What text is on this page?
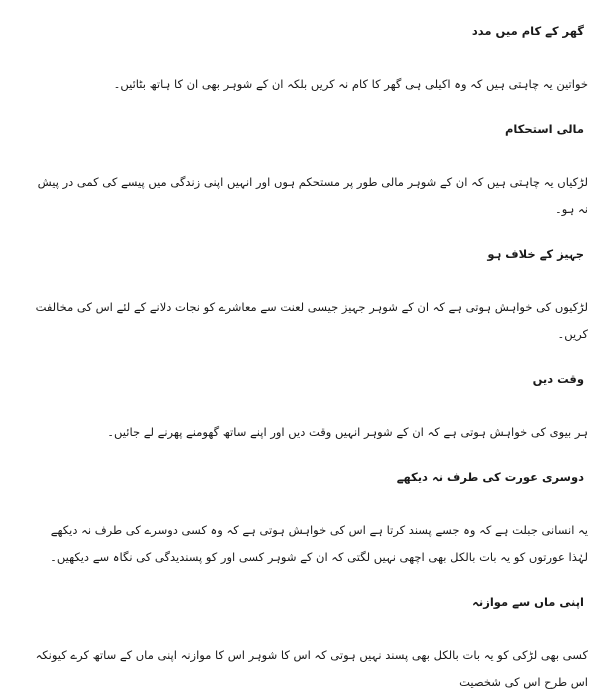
گھر کے کام میں مدد

خواتین یہ چاہتی ہیں کہ وہ اکیلی ہی گھر کا کام نہ کریں بلکہ ان کے شوہر بھی ان کا ہاتھ بٹائیں۔

مالی استحکام

لڑکیاں یہ چاہتی ہیں کہ ان کے شوہر مالی طور پر مستحکم ہوں اور انہیں اپنی زندگی میں پیسے کی کمی در پیش نہ ہو۔

جہیز کے خلاف ہو

لڑکیوں کی خواہش ہوتی ہے کہ ان کے شوہر جہیز جیسی لعنت سے معاشرے کو نجات دلانے کے لئے اس کی مخالفت کریں۔

وقت دیں

ہر بیوی کی خواہش ہوتی ہے کہ ان کے شوہر انہیں وقت دیں اور اپنے ساتھ گھومنے پھرنے لے جائیں۔

دوسری عورت کی طرف نہ دیکھے

یہ انسانی جبلت ہے کہ وہ جسے پسند کرتا ہے اس کی خواہش ہوتی ہے کہ وہ کسی دوسرے کی طرف نہ دیکھے لہٰذا عورتوں کو یہ بات بالکل بھی اچھی نہیں لگتی کہ ان کے شوہر کسی اور کو پسندیدگی کی نگاہ سے دیکھیں۔

اپنی ماں سے موازنہ

کسی بھی لڑکی کو یہ بات بالکل بھی پسند نہیں ہوتی کہ اس کا شوہر اس کا موازنہ اپنی ماں کے ساتھ کرے کیونکہ اس طرح اس کی شخصیت
